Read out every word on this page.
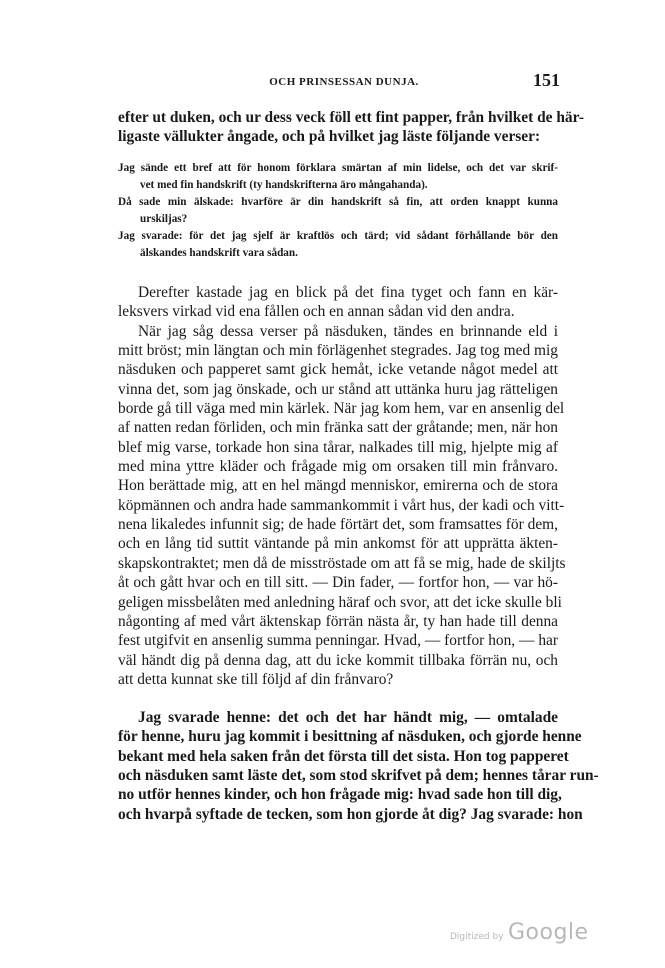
OCH PRINSESSAN DUNJA.	151
efter ut duken, och ur dess veck föll ett fint papper, från hvilket de här-
ligaste vällukter ångade, och på hvilket jag läste följande verser:
Jag sände ett bref att för honom förklara smärtan af min lidelse, och det var skrif-
vet med fin handskrift (ty handskrifterna äro mångahanda).
Då sade min älskade: hvarföre är din handskrift så fin, att orden knappt kunna
urskiljas?
Jag svarade: för det jag sjelf är kraftlös och tärd; vid sådant förhållande bör den
älskandes handskrift vara sådan.
Derefter kastade jag en blick på det fina tyget och fann en kär-
leksvers virkad vid ena fållen och en annan sådan vid den andra.
När jag såg dessa verser på näsduken, tändes en brinnande eld i
mitt bröst; min längtan och min förlägenhet stegrades. Jag tog med mig
näsduken och papperet samt gick hemåt, icke vetande något medel att
vinna det, som jag önskade, och ur stånd att uttänka huru jag rätteligen
borde gå till väga med min kärlek. När jag kom hem, var en ansenlig del
af natten redan förliden, och min fränka satt der gråtande; men, när hon
blef mig varse, torkade hon sina tårar, nalkades till mig, hjelpte mig af
med mina yttre kläder och frågade mig om orsaken till min frånvaro.
Hon berättade mig, att en hel mängd menniskor, emirerna och de stora
köpmännen och andra hade sammankommit i vårt hus, der kadi och vitt-
nena likaledes infunnit sig; de hade förtärt det, som framsattes för dem,
och en lång tid suttit väntande på min ankomst för att upprätta äkten-
skapskontraktet; men då de misströstade om att få se mig, hade de skiljts
åt och gått hvar och en till sitt. — Din fader, — fortfor hon, — var hö-
geligen missbelåten med anledning häraf och svor, att det icke skulle bli
någonting af med vårt äktenskap förrän nästa år, ty han hade till denna
fest utgifvit en ansenlig summa penningar. Hvad, — fortfor hon, — har
väl händt dig på denna dag, att du icke kommit tillbaka förrän nu, och
att detta kunnat ske till följd af din frånvaro?
Jag svarade henne: det och det har händt mig, — omtalade
för henne, huru jag kommit i besittning af näsduken, och gjorde henne
bekant med hela saken från det första till det sista. Hon tog papperet
och näsduken samt läste det, som stod skrifvet på dem; hennes tårar run-
no utför hennes kinder, och hon frågade mig: hvad sade hon till dig,
och hvarpå syftade de tecken, som hon gjorde åt dig? Jag svarade: hon
Digitized by Google
